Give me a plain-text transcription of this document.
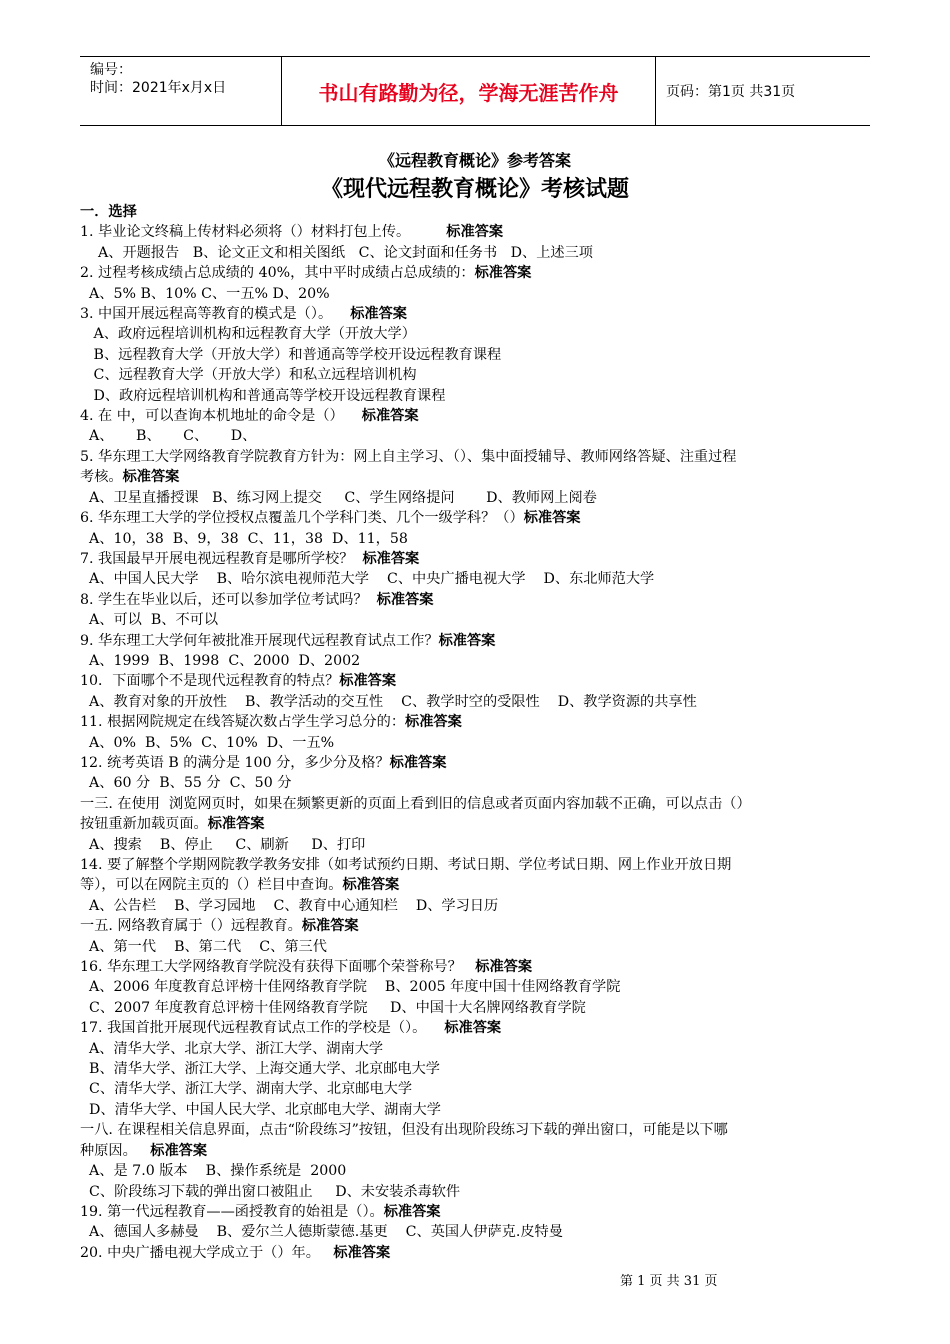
编号：
时间：2021年x月x日	书山有路勤为径，学海无涯苦作舟	页码：第1页 共31页
《远程教育概论》参考答案
《现代远程教育概论》考核试题
一．选择
1. 毕业论文终稿上传材料必须将（）材料打包上传。        标准答案
A、开题报告   B、论文正文和相关图纸   C、论文封面和任务书   D、上述三项
2. 过程考核成绩占总成绩的 40%，其中平时成绩占总成绩的：标准答案
A、5% B、10% C、一五% D、20%
3. 中国开展远程高等教育的模式是（）。    标准答案
A、政府远程培训机构和远程教育大学（开放大学）
B、远程教育大学（开放大学）和普通高等学校开设远程教育课程
C、远程教育大学（开放大学）和私立远程培训机构
D、政府远程培训机构和普通高等学校开设远程教育课程
4. 在 中，可以查询本机地址的命令是（）    标准答案
A、     B、     C、     D、
5. 华东理工大学网络教育学院教育方针为：网上自主学习、（）、集中面授辅导、教师网络答疑、注重过程
考核。标准答案
A、卫星直播授课   B、练习网上提交     C、学生网络提问       D、教师网上阅卷
6. 华东理工大学的学位授权点覆盖几个学科门类、几个一级学科？（）标准答案
A、10，38  B、9，38  C、11，38  D、11，58
7. 我国最早开展电视远程教育是哪所学校？  标准答案
A、中国人民大学    B、哈尔滨电视师范大学    C、中央广播电视大学    D、东北师范大学
8. 学生在毕业以后，还可以参加学位考试吗？  标准答案
A、可以  B、不可以
9. 华东理工大学何年被批准开展现代远程教育试点工作？标准答案
A、1999  B、1998  C、2000  D、2002
10．下面哪个不是现代远程教育的特点？标准答案
A、教育对象的开放性    B、教学活动的交互性    C、教学时空的受限性    D、教学资源的共享性
11. 根据网院规定在线答疑次数占学生学习总分的：标准答案
A、0%  B、5%  C、10%  D、一五%
12. 统考英语 B 的满分是 100 分，多少分及格？标准答案
A、60 分  B、55 分  C、50 分
一三. 在使用  浏览网页时，如果在频繁更新的页面上看到旧的信息或者页面内容加载不正确，可以点击（）
按钮重新加载页面。标准答案
A、搜索    B、停止     C、刷新     D、打印
14. 要了解整个学期网院教学教务安排（如考试预约日期、考试日期、学位考试日期、网上作业开放日期
等），可以在网院主页的（）栏目中查询。标准答案
A、公告栏    B、学习园地    C、教育中心通知栏    D、学习日历
一五. 网络教育属于（）远程教育。标准答案
A、第一代    B、第二代    C、第三代
16. 华东理工大学网络教育学院没有获得下面哪个荣誉称号？   标准答案
A、2006 年度教育总评榜十佳网络教育学院    B、2005 年度中国十佳网络教育学院
C、2007 年度教育总评榜十佳网络教育学院     D、中国十大名牌网络教育学院
17. 我国首批开展现代远程教育试点工作的学校是（）。    标准答案
A、清华大学、北京大学、浙江大学、湖南大学
B、清华大学、浙江大学、上海交通大学、北京邮电大学
C、清华大学、浙江大学、湖南大学、北京邮电大学
D、清华大学、中国人民大学、北京邮电大学、湖南大学
一八. 在课程相关信息界面，点击“阶段练习”按钮，但没有出现阶段练习下载的弹出窗口，可能是以下哪
种原因。   标准答案
A、是 7.0 版本    B、操作系统是  2000
C、阶段练习下载的弹出窗口被阻止     D、未安装杀毒软件
19. 第一代远程教育——函授教育的始祖是（）。标准答案
A、德国人多赫曼    B、爱尔兰人德斯蒙德.基更    C、英国人伊萨克.皮特曼
20. 中央广播电视大学成立于（）年。   标准答案
第 1 页 共 31 页
